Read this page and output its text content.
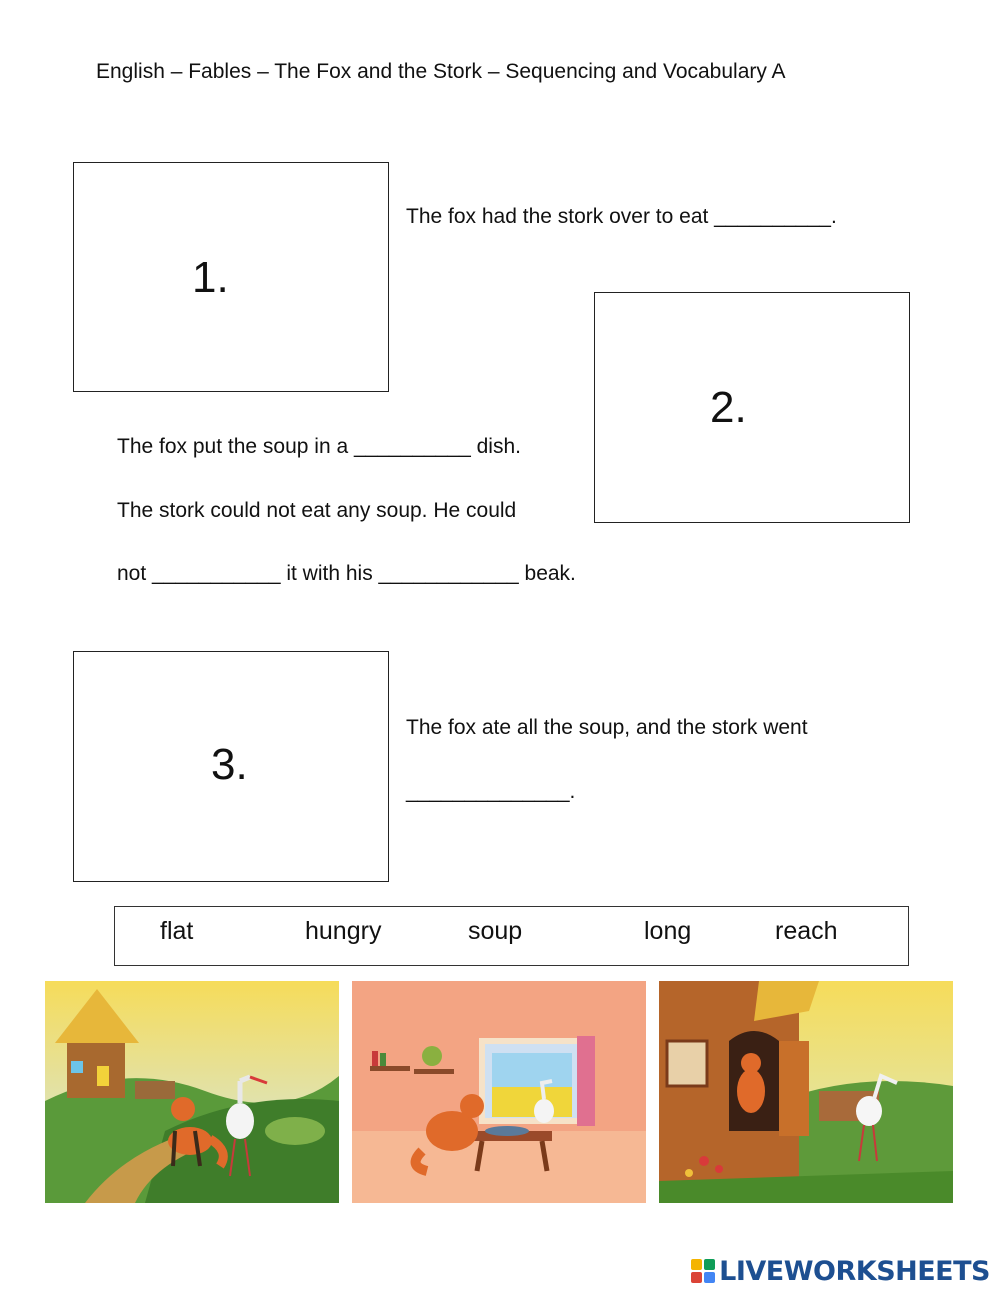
English – Fables – The Fox and the Stork – Sequencing and Vocabulary A
1.
The fox had the stork over to eat __________.
2.
The fox put the soup in a __________ dish.
The stork could not eat any soup. He could
not ___________ it with his ____________ beak.
3.
The fox ate all the soup, and the stork went
______________.
flat	hungry	soup	long	reach
LIVEWORKSHEETS
